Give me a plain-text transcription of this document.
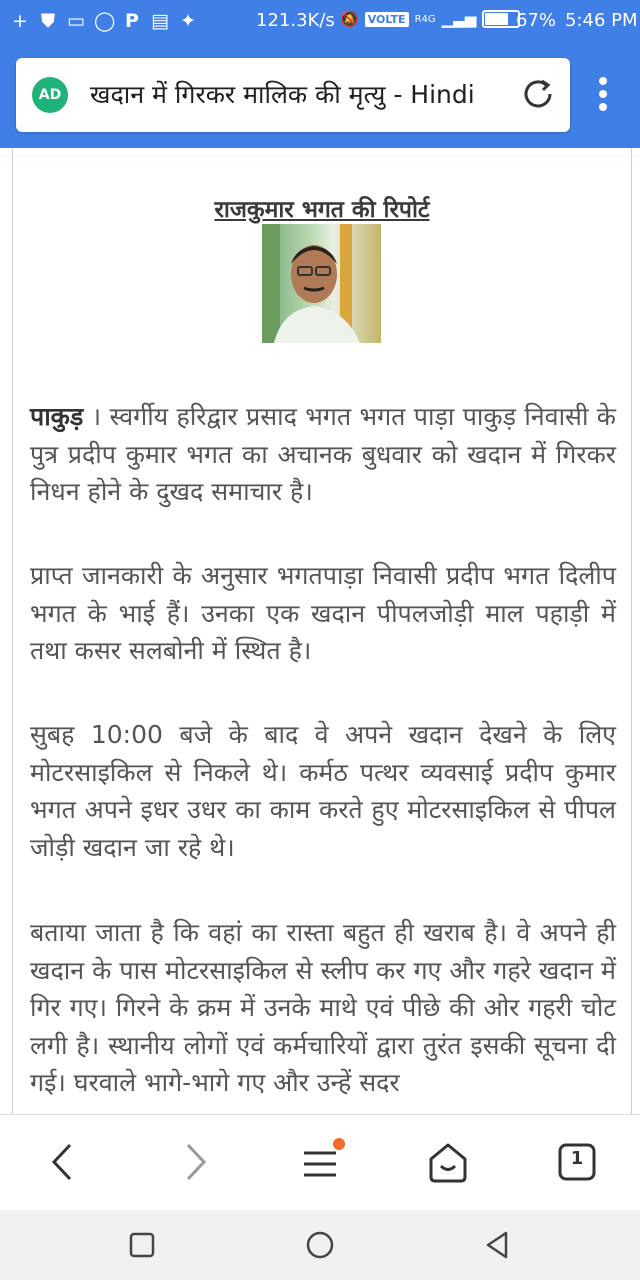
+ ⛊ ▭ ◯ P ▤ ✦	121.3K/s 🔕 VOLTE R4G ▁▃▅ 67% 5:46 PM
AD खदान में गिरकर मालिक की मृत्यु - Hindi
राजकुमार भगत की रिपोर्ट

पाकुड़ । स्वर्गीय हरिद्वार प्रसाद भगत भगत पाड़ा पाकुड़ निवासी के पुत्र प्रदीप कुमार भगत का अचानक बुधवार को खदान में गिरकर निधन होने के दुखद समाचार है।

प्राप्त जानकारी के अनुसार भगतपाड़ा निवासी प्रदीप भगत दिलीप भगत के भाई हैं। उनका एक खदान पीपलजोड़ी माल पहाड़ी में तथा कसर सलबोनी में स्थित है।

सुबह 10:00 बजे के बाद वे अपने खदान देखने के लिए मोटरसाइकिल से निकले थे। कर्मठ पत्थर व्यवसाई प्रदीप कुमार भगत अपने इधर उधर का काम करते हुए मोटरसाइकिल से पीपल जोड़ी खदान जा रहे थे।

बताया जाता है कि वहां का रास्ता बहुत ही खराब है। वे अपने ही खदान के पास मोटरसाइकिल से स्लीप कर गए और गहरे खदान में गिर गए। गिरने के क्रम में उनके माथे एवं पीछे की ओर गहरी चोट लगी है। स्थानीय लोगों एवं कर्मचारियों द्वारा तुरंत इसकी सूचना दी गई। घरवाले भागे-भागे गए और उन्हें सदर

1
